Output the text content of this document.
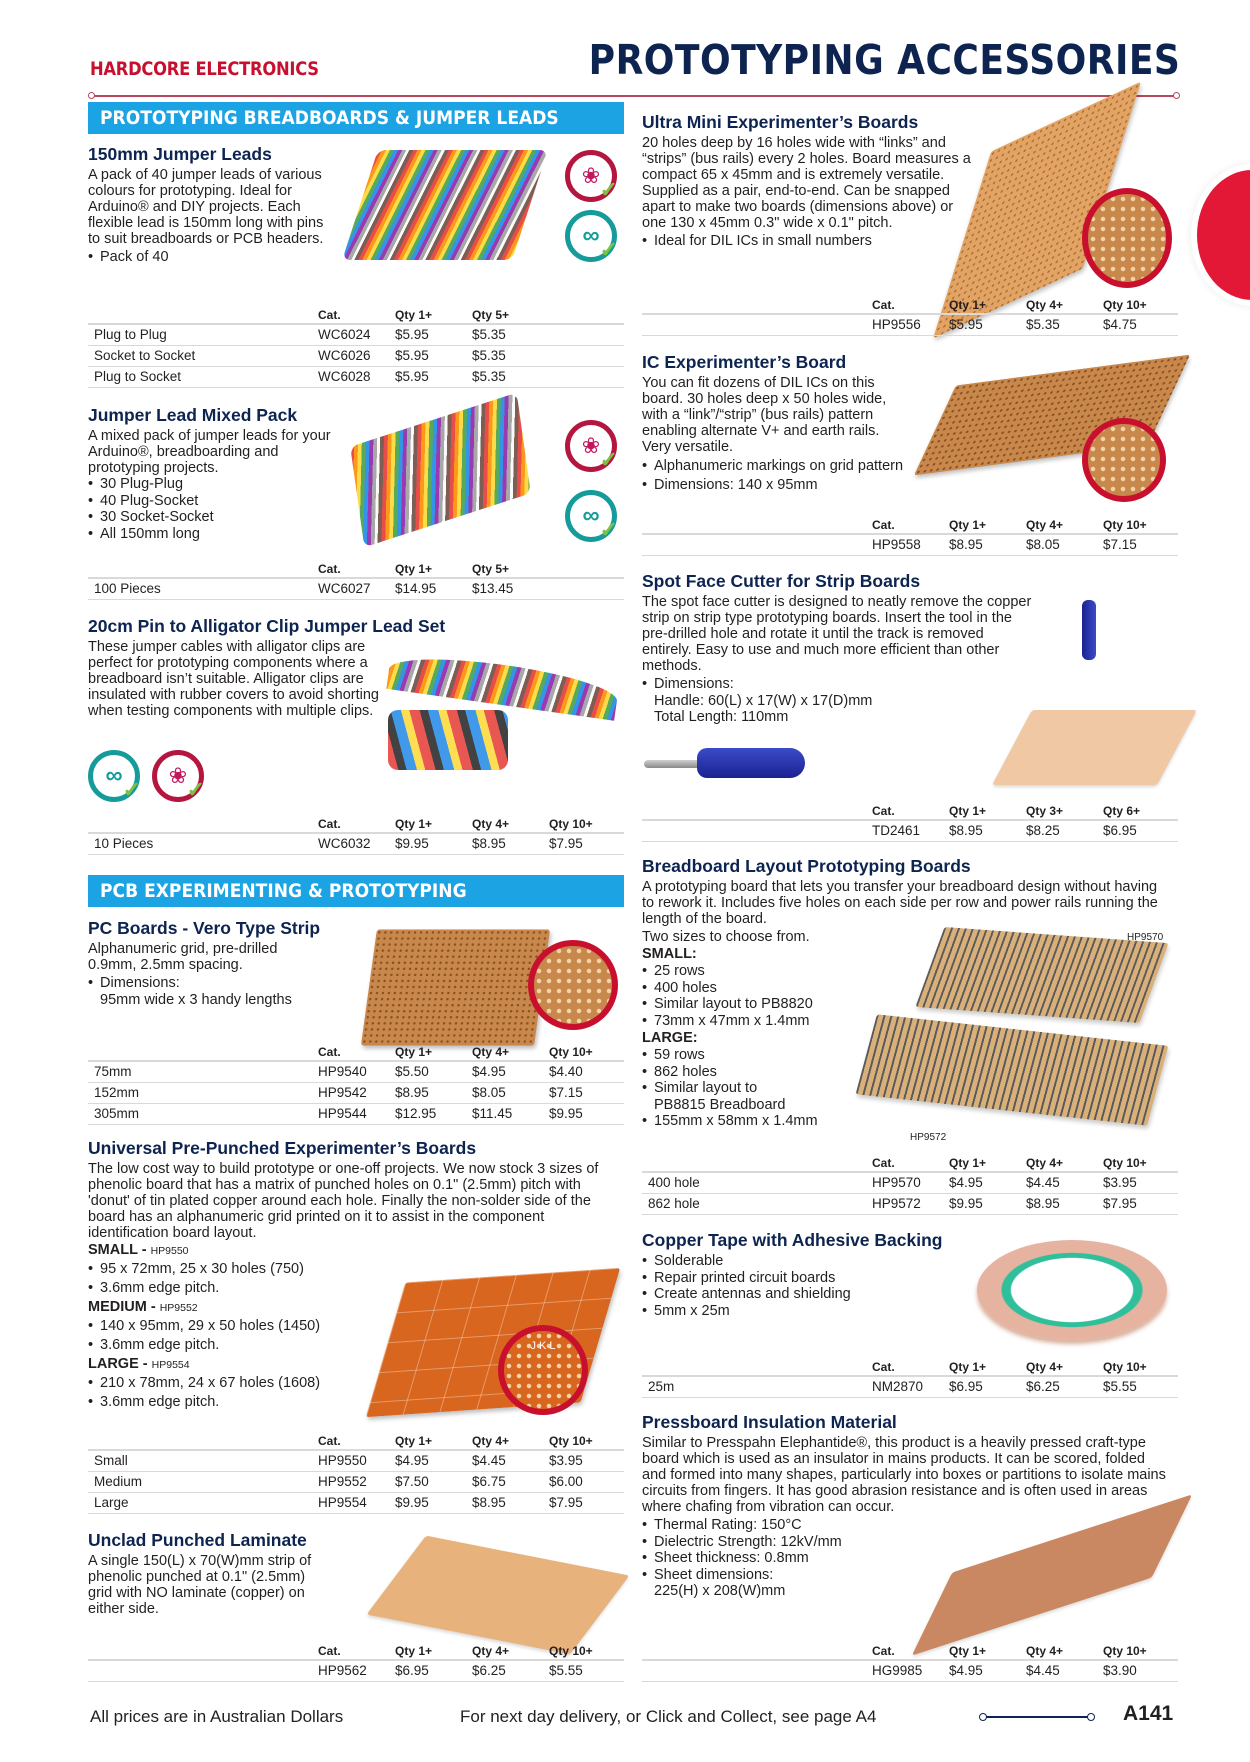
HARDCORE ELECTRONICS	PROTOTYPING ACCESSORIES
PROTOTYPING BREADBOARDS & JUMPER LEADS
150mm Jumper Leads
A pack of 40 jumper leads of various colours for prototyping. Ideal for Arduino® and DIY projects. Each flexible lead is 150mm long with pins to suit breadboards or PCB headers.
• Pack of 40
❀
✓
∞
✓
	Cat.	Qty 1+	Qty 5+	
Plug to Plug	WC6024	$5.95	$5.35	
Socket to Socket	WC6026	$5.95	$5.35	
Plug to Socket	WC6028	$5.95	$5.35	
Jumper Lead Mixed Pack
A mixed pack of jumper leads for your Arduino®, breadboarding and prototyping projects.
• 30 Plug-Plug
• 40 Plug-Socket
• 30 Socket-Socket
• All 150mm long
❀
✓
∞
✓
	Cat.	Qty 1+	Qty 5+	
100 Pieces	WC6027	$14.95	$13.45	
20cm Pin to Alligator Clip Jumper Lead Set
These jumper cables with alligator clips are perfect for prototyping components where a breadboard isn’t suitable. Alligator clips are insulated with rubber covers to avoid shorting when testing components with multiple clips.
∞
✓
❀
✓
	Cat.	Qty 1+	Qty 4+	Qty 10+
10 Pieces	WC6032	$9.95	$8.95	$7.95
PCB EXPERIMENTING & PROTOTYPING
PC Boards - Vero Type Strip
Alphanumeric grid, pre-drilled 0.9mm, 2.5mm spacing.
• Dimensions:
95mm wide x 3 handy lengths
	Cat.	Qty 1+	Qty 4+	Qty 10+
75mm	HP9540	$5.50	$4.95	$4.40
152mm	HP9542	$8.95	$8.05	$7.15
305mm	HP9544	$12.95	$11.45	$9.95
Universal Pre-Punched Experimenter’s Boards
The low cost way to build prototype or one-off projects. We now stock 3 sizes of phenolic board that has a matrix of punched holes on 0.1" (2.5mm) pitch with 'donut' of tin plated copper around each hole. Finally the non-solder side of the board has an alphanumeric grid printed on it to assist in the component identification board layout.
SMALL - HP9550
• 95 x 72mm, 25 x 30 holes (750)
• 3.6mm edge pitch.
MEDIUM - HP9552
• 140 x 95mm, 29 x 50 holes (1450)
• 3.6mm edge pitch.
LARGE - HP9554
• 210 x 78mm, 24 x 67 holes (1608)
• 3.6mm edge pitch.
J K L
	Cat.	Qty 1+	Qty 4+	Qty 10+
Small	HP9550	$4.95	$4.45	$3.95
Medium	HP9552	$7.50	$6.75	$6.00
Large	HP9554	$9.95	$8.95	$7.95
Unclad Punched Laminate
A single 150(L) x 70(W)mm strip of phenolic punched at 0.1" (2.5mm) grid with NO laminate (copper) on either side.
	Cat.	Qty 1+	Qty 4+	Qty 10+
	HP9562	$6.95	$6.25	$5.55
Ultra Mini Experimenter’s Boards
20 holes deep by 16 holes wide with “links” and “strips” (bus rails) every 2 holes. Board measures a compact 65 x 45mm and is extremely versatile. Supplied as a pair, end-to-end. Can be snapped apart to make two boards (dimensions above) or one 130 x 45mm 0.3" wide x 0.1" pitch.
• Ideal for DIL ICs in small numbers
	Cat.	Qty 1+	Qty 4+	Qty 10+
	HP9556	$5.95	$5.35	$4.75
IC Experimenter’s Board
You can fit dozens of DIL ICs on this board. 30 holes deep x 50 holes wide, with a “link”/“strip” (bus rails) pattern enabling alternate V+ and earth rails. Very versatile.
• Alphanumeric markings on grid pattern
• Dimensions: 140 x 95mm
	Cat.	Qty 1+	Qty 4+	Qty 10+
	HP9558	$8.95	$8.05	$7.15
Spot Face Cutter for Strip Boards
The spot face cutter is designed to neatly remove the copper strip on strip type prototyping boards. Insert the tool in the pre-drilled hole and rotate it until the track is removed entirely. Easy to use and much more efficient than other methods.
• Dimensions:
Handle: 60(L) x 17(W) x 17(D)mm
Total Length: 110mm
	Cat.	Qty 1+	Qty 3+	Qty 6+
	TD2461	$8.95	$8.25	$6.95
Breadboard Layout Prototyping Boards
A prototyping board that lets you transfer your breadboard design without having to rework it. Includes five holes on each side per row and power rails running the length of the board.
Two sizes to choose from.
SMALL:
• 25 rows
• 400 holes
• Similar layout to PB8820
• 73mm x 47mm x 1.4mm
LARGE:
• 59 rows
• 862 holes
• Similar layout to PB8815 Breadboard
• 155mm x 58mm x 1.4mm
HP9570
HP9572
	Cat.	Qty 1+	Qty 4+	Qty 10+
400 hole	HP9570	$4.95	$4.45	$3.95
862 hole	HP9572	$9.95	$8.95	$7.95
Copper Tape with Adhesive Backing
• Solderable
• Repair printed circuit boards
• Create antennas and shielding
• 5mm x 25m
	Cat.	Qty 1+	Qty 4+	Qty 10+
25m	NM2870	$6.95	$6.25	$5.55
Pressboard Insulation Material
Similar to Presspahn Elephantide®, this product is a heavily pressed craft-type board which is used as an insulator in mains products. It can be scored, folded and formed into many shapes, particularly into boxes or partitions to isolate mains circuits from fingers. It has good abrasion resistance and is often used in areas where chafing from vibration can occur.
• Thermal Rating: 150°C
• Dielectric Strength: 12kV/mm
• Sheet thickness: 0.8mm
• Sheet dimensions:
225(H) x 208(W)mm
	Cat.	Qty 1+	Qty 4+	Qty 10+
	HG9985	$4.95	$4.45	$3.90
All prices are in Australian Dollars	For next day delivery, or Click and Collect, see page A4	A141
